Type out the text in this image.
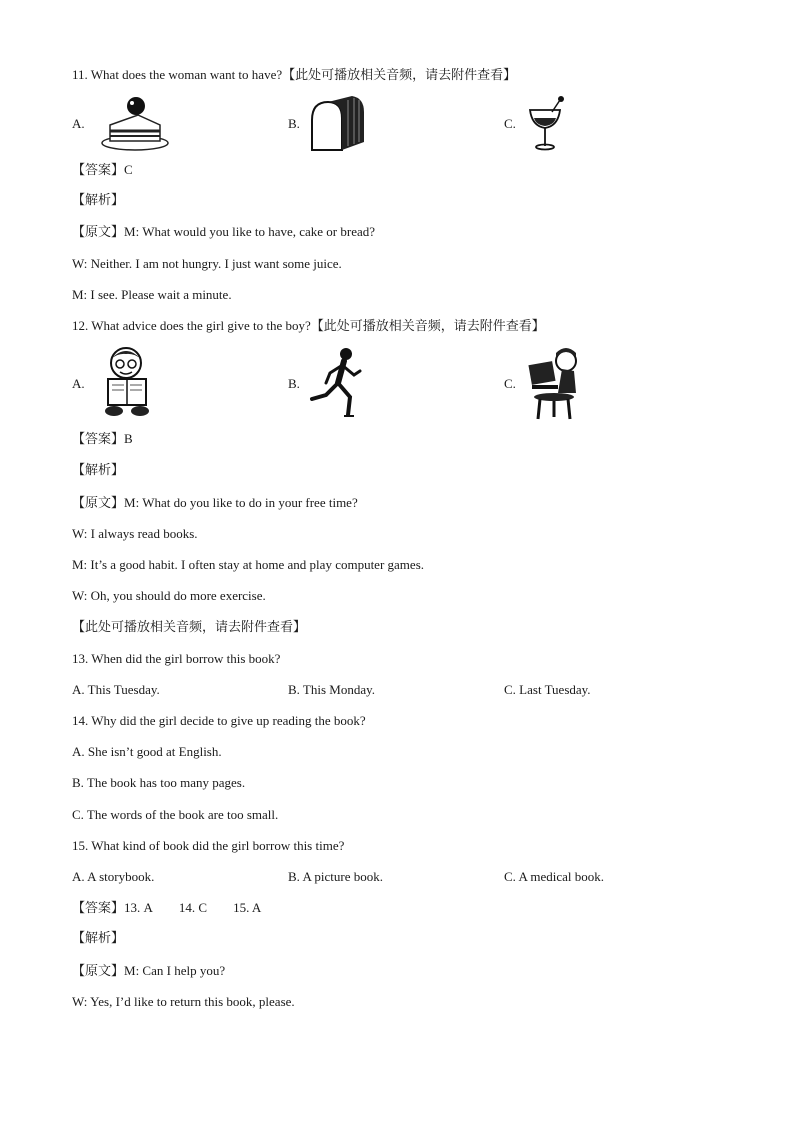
11. What does the woman want to have?【此处可播放相关音频，请去附件查看】
A.	B.	C.
【答案】C
【解析】
【原文】M: What would you like to have, cake or bread?
W: Neither. I am not hungry. I just want some juice.
M: I see. Please wait a minute.
12. What advice does the girl give to the boy?【此处可播放相关音频，请去附件查看】
A.	B.	C.
【答案】B
【解析】
【原文】M: What do you like to do in your free time?
W: I always read books.
M: It’s a good habit. I often stay at home and play computer games.
W: Oh, you should do more exercise.
【此处可播放相关音频，请去附件查看】
13. When did the girl borrow this book?
A. This Tuesday.	B. This Monday.	C. Last Tuesday.
14. Why did the girl decide to give up reading the book?
A. She isn’t good at English.
B. The book has too many pages.
C. The words of the book are too small.
15. What kind of book did the girl borrow this time?
A. A storybook.	B. A picture book.	C. A medical book.
【答案】13. A 14. C 15. A
【解析】
【原文】M: Can I help you?
W: Yes, I’d like to return this book, please.
